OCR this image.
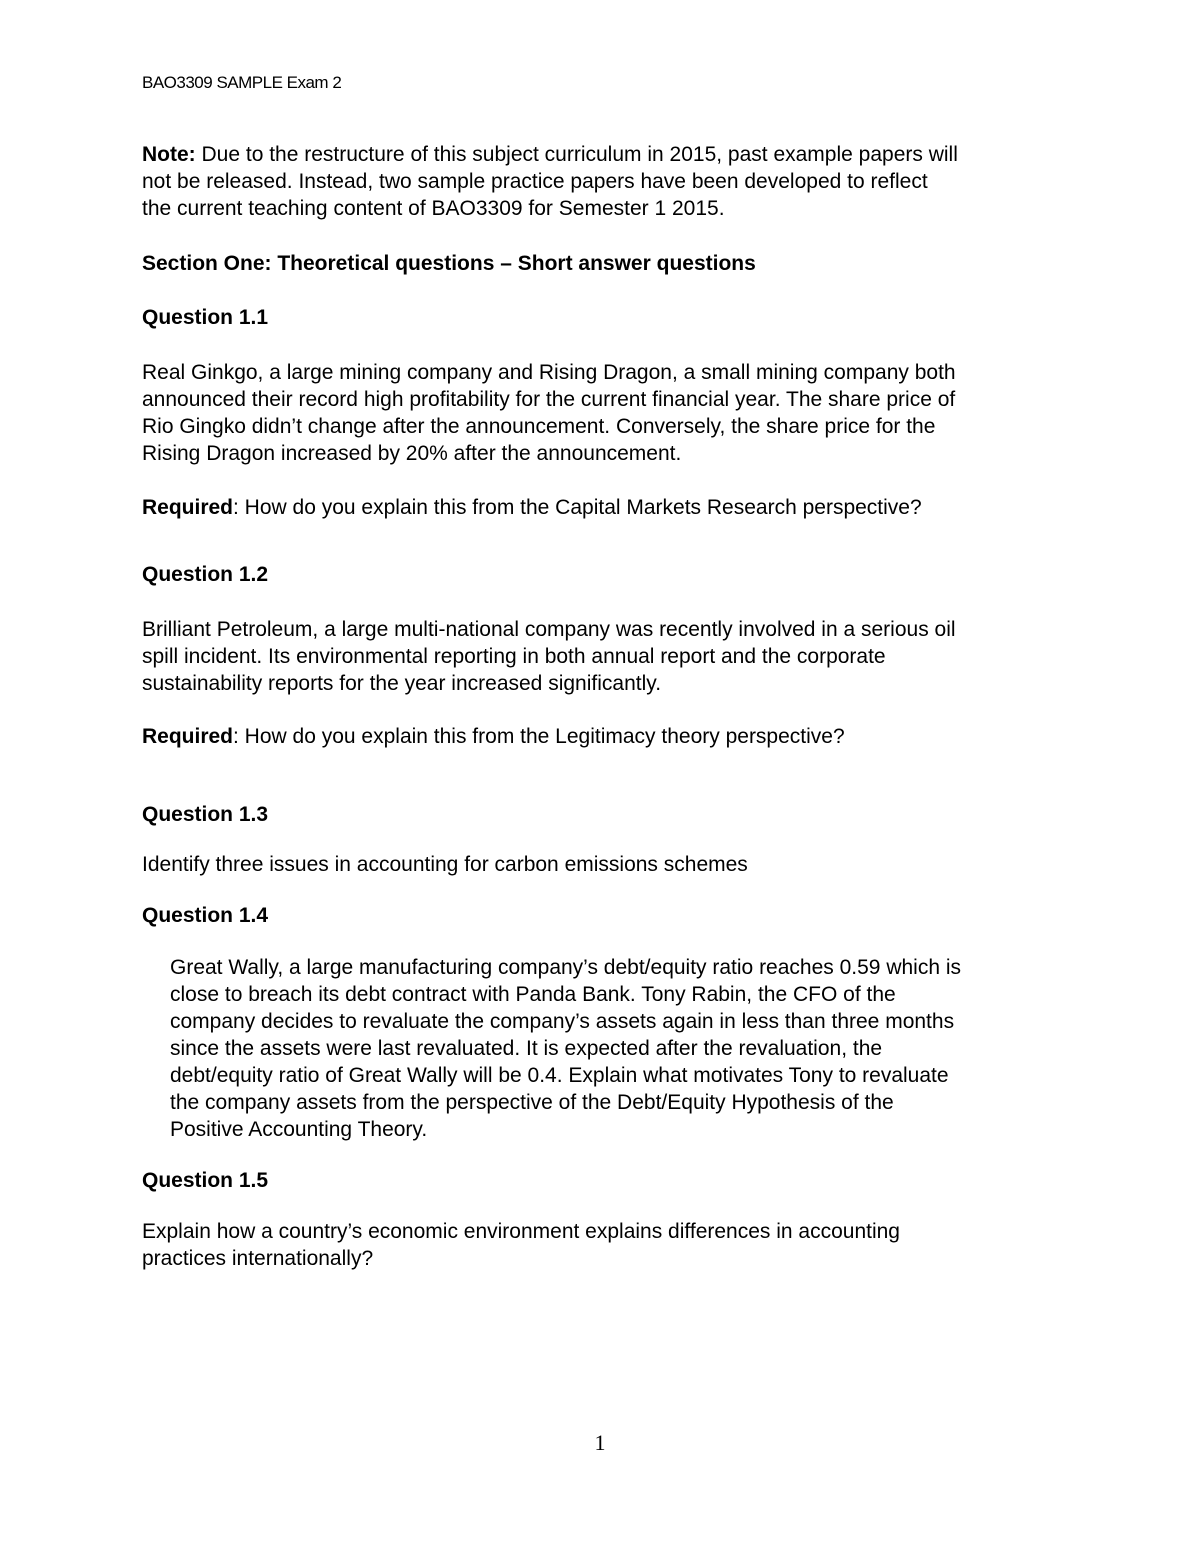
BAO3309 SAMPLE Exam 2
Note: Due to the restructure of this subject curriculum in 2015, past example papers will
not be released. Instead, two sample practice papers have been developed to reflect
the current teaching content of BAO3309 for Semester 1 2015.
Section One: Theoretical questions – Short answer questions
Question 1.1
Real Ginkgo, a large mining company and Rising Dragon, a small mining company both
announced their record high profitability for the current financial year. The share price of
Rio Gingko didn’t change after the announcement. Conversely, the share price for the
Rising Dragon increased by 20% after the announcement.
Required: How do you explain this from the Capital Markets Research perspective?
Question 1.2
Brilliant Petroleum, a large multi-national company was recently involved in a serious oil
spill incident. Its environmental reporting in both annual report and the corporate
sustainability reports for the year increased significantly.
Required: How do you explain this from the Legitimacy theory perspective?
Question 1.3
Identify three issues in accounting for carbon emissions schemes
Question 1.4
Great Wally, a large manufacturing company’s debt/equity ratio reaches 0.59 which is
close to breach its debt contract with Panda Bank. Tony Rabin, the CFO of the
company decides to revaluate the company’s assets again in less than three months
since the assets were last revaluated. It is expected after the revaluation, the
debt/equity ratio of Great Wally will be 0.4. Explain what motivates Tony to revaluate
the company assets from the perspective of the Debt/Equity Hypothesis of the
Positive Accounting Theory.
Question 1.5
Explain how a country’s economic environment explains differences in accounting
practices internationally?
1
